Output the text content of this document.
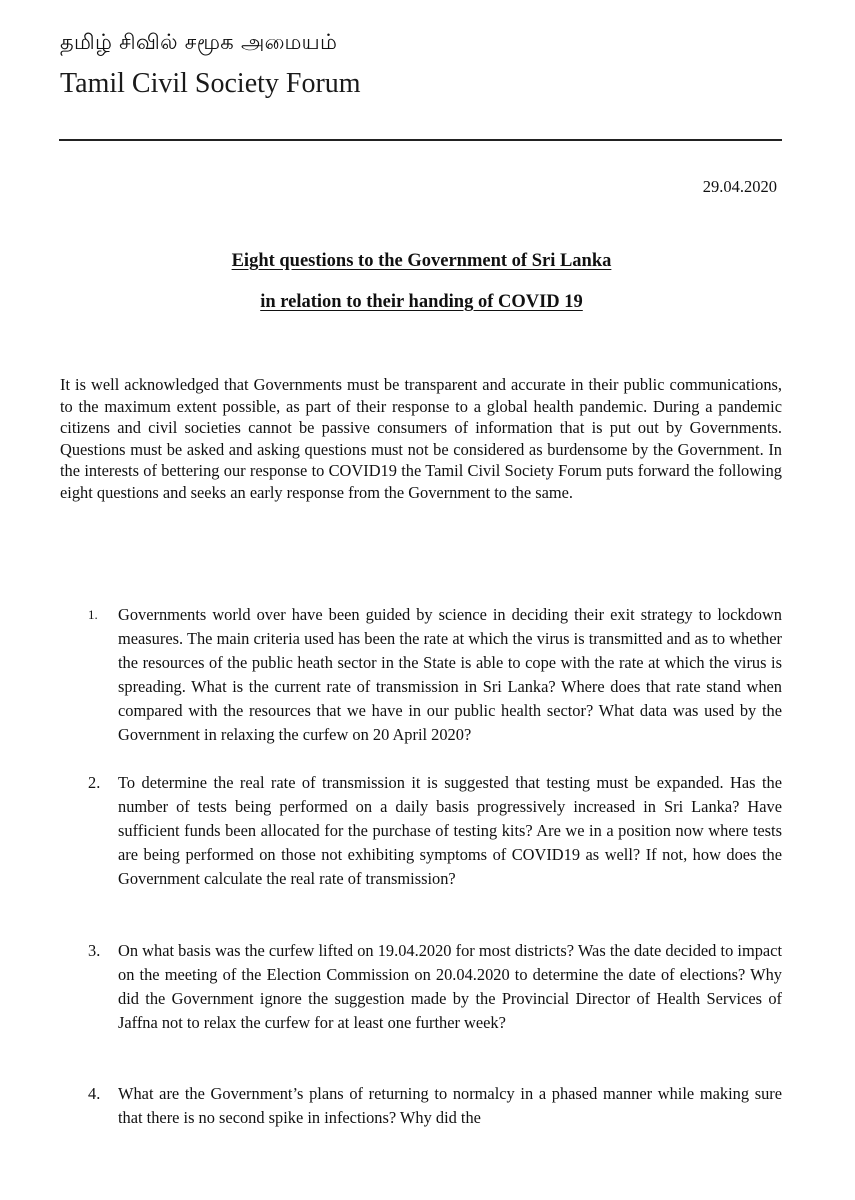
தமிழ் சிவில் சமூக அமையம்
Tamil Civil Society Forum
29.04.2020
Eight questions to the Government of Sri Lanka
in relation to their handing of COVID 19

It is well acknowledged that Governments must be transparent and accurate in their public communications, to the maximum extent possible, as part of their response to a global health pandemic. During a pandemic citizens and civil societies cannot be passive consumers of information that is put out by Governments. Questions must be asked and asking questions must not be considered as burdensome by the Government. In the interests of bettering our response to COVID19 the Tamil Civil Society Forum puts forward the following eight questions and seeks an early response from the Government to the same.

1.	Governments world over have been guided by science in deciding their exit strategy to lockdown measures. The main criteria used has been the rate at which the virus is transmitted and as to whether the resources of the public heath sector in the State is able to cope with the rate at which the virus is spreading. What is the current rate of transmission in Sri Lanka? Where does that rate stand when compared with the resources that we have in our public health sector? What data was used by the Government in relaxing the curfew on 20 April 2020?

2.	To determine the real rate of transmission it is suggested that testing must be expanded. Has the number of tests being performed on a daily basis progressively increased in Sri Lanka? Have sufficient funds been allocated for the purchase of testing kits? Are we in a position now where tests are being performed on those not exhibiting symptoms of COVID19 as well? If not, how does the Government calculate the real rate of transmission?

3.	On what basis was the curfew lifted on 19.04.2020 for most districts? Was the date decided to impact on the meeting of the Election Commission on 20.04.2020 to determine the date of elections? Why did the Government ignore the suggestion made by the Provincial Director of Health Services of Jaffna not to relax the curfew for at least one further week?

4.	What are the Government’s plans of returning to normalcy in a phased manner while making sure that there is no second spike in infections? Why did the
